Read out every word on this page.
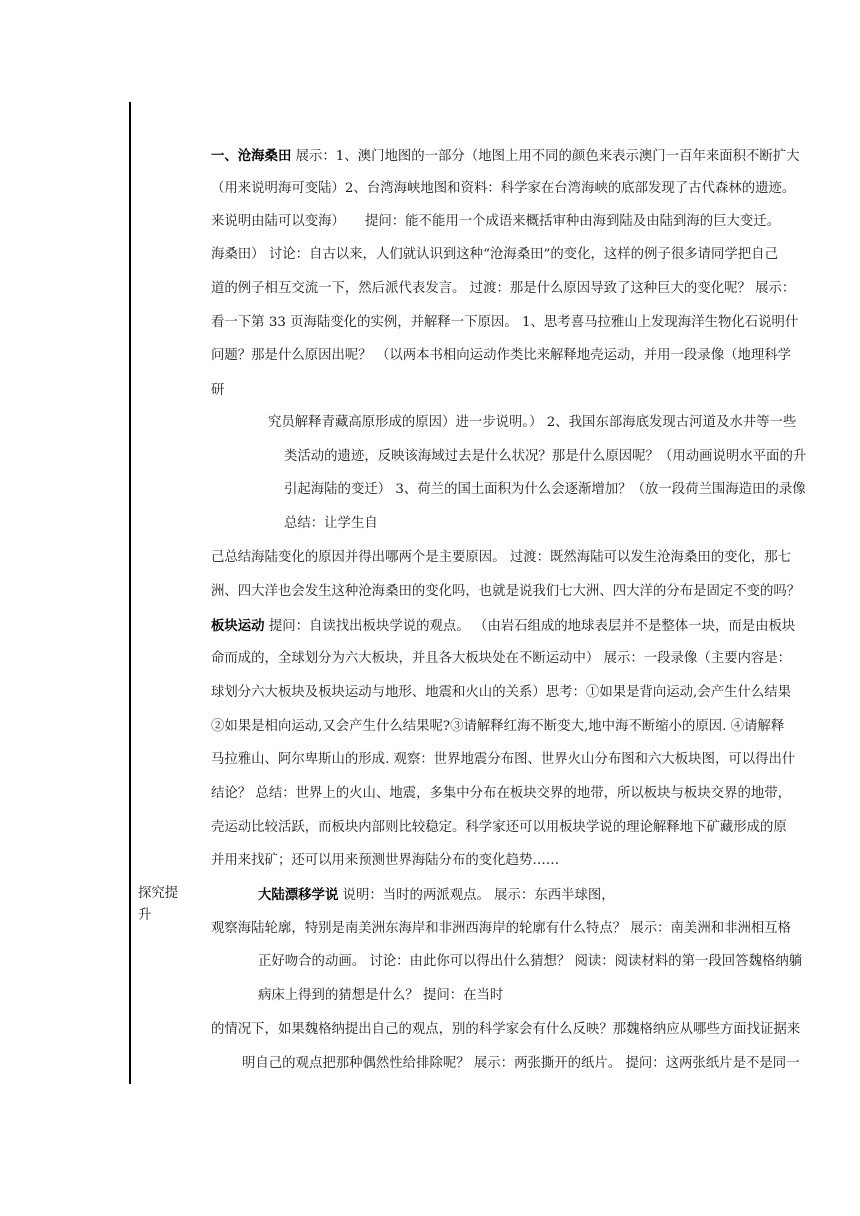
探究提
升
一、沧海桑田 展示：1、澳门地图的一部分（地图上用不同的颜色来表示澳门一百年来面积不断扩大
（用来说明海可变陆）2、台湾海峡地图和资料：科学家在台湾海峡的底部发现了古代森林的遗迹。
来说明由陆可以变海）　　提问：能不能用一个成语来概括审种由海到陆及由陆到海的巨大变迁。
海桑田） 讨论：自古以来，人们就认识到这种“沧海桑田”的变化，这样的例子很多请同学把自己
道的例子相互交流一下，然后派代表发言。 过渡：那是什么原因导致了这种巨大的变化呢？ 展示：
看一下第 33 页海陆变化的实例，并解释一下原因。 1、思考喜马拉雅山上发现海洋生物化石说明什
问题？那是什么原因出呢？ （以两本书相向运动作类比来解释地壳运动，并用一段录像（地理科学
研
究员解释青藏高原形成的原因）进一步说明。） 2、我国东部海底发现古河道及水井等一些
类活动的遗迹，反映该海域过去是什么状况？那是什么原因呢？（用动画说明水平面的升
引起海陆的变迁） 3、荷兰的国土面积为什么会逐渐增加？（放一段荷兰围海造田的录像
总结：让学生自
己总结海陆变化的原因并得出哪两个是主要原因。 过渡：既然海陆可以发生沧海桑田的变化，那七
洲、四大洋也会发生这种沧海桑田的变化吗，也就是说我们七大洲、四大洋的分布是固定不变的吗？
板块运动 提问：自读找出板块学说的观点。 （由岩石组成的地球表层并不是整体一块，而是由板块
命而成的，全球划分为六大板块，并且各大板块处在不断运动中） 展示：一段录像（主要内容是：
球划分六大板块及板块运动与地形、地震和火山的关系）思考：①如果是背向运动,会产生什么结果
②如果是相向运动,又会产生什么结果呢?③请解释红海不断变大,地中海不断缩小的原因. ④请解释
马拉雅山、阿尔卑斯山的形成. 观察：世界地震分布图、世界火山分布图和六大板块图，可以得出什
结论？ 总结：世界上的火山、地震，多集中分布在板块交界的地带，所以板块与板块交界的地带，
壳运动比较活跃，而板块内部则比较稳定。科学家还可以用板块学说的理论解释地下矿藏形成的原
并用来找矿；还可以用来预测世界海陆分布的变化趋势……
大陆漂移学说 说明：当时的两派观点。 展示：东西半球图，
观察海陆轮廓，特别是南美洲东海岸和非洲西海岸的轮廓有什么特点？ 展示：南美洲和非洲相互格
正好吻合的动画。 讨论：由此你可以得出什么猜想？ 阅读：阅读材料的第一段回答魏格纳躺
病床上得到的猜想是什么？ 提问：在当时
的情况下，如果魏格纳提出自己的观点，别的科学家会有什么反映？那魏格纳应从哪些方面找证据来
明自己的观点把那种偶然性给排除呢？ 展示：两张撕开的纸片。 提问：这两张纸片是不是同一
